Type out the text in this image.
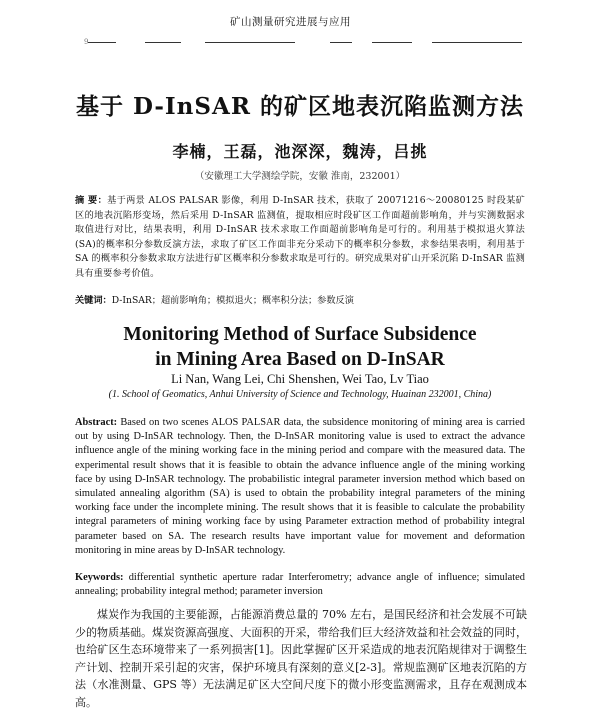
矿山测量研究进展与应用
9
基于 D-InSAR 的矿区地表沉陷监测方法
李楠，王磊，池深深，魏涛，吕挑
（安徽理工大学测绘学院，安徽 淮南，232001）
摘 要：基于两景 ALOS PALSAR 影像，利用 D-InSAR 技术，获取了 20071216～20080125 时段某矿区的地表沉陷形变场，然后采用 D-InSAR 监测值，提取相应时段矿区工作面超前影响角，并与实测数据求取值进行对比，结果表明，利用 D-InSAR 技术求取工作面超前影响角是可行的。利用基于模拟退火算法(SA)的概率积分参数反演方法，求取了矿区工作面非充分采动下的概率积分参数，求参结果表明，利用基于 SA 的概率积分参数求取方法进行矿区概率积分参数求取是可行的。研究成果对矿山开采沉陷 D-InSAR 监测具有重要参考价值。
关键词：D-InSAR；超前影响角；模拟退火；概率积分法；参数反演
Monitoring Method of Surface Subsidence
in Mining Area Based on D-InSAR
Li Nan, Wang Lei, Chi Shenshen, Wei Tao, Lv Tiao
(1. School of Geomatics, Anhui University of Science and Technology, Huainan 232001, China)
Abstract: Based on two scenes ALOS PALSAR data, the subsidence monitoring of mining area is carried out by using D-InSAR technology. Then, the D-InSAR monitoring value is used to extract the advance influence angle of the mining working face in the mining period and compare with the measured data. The experimental result shows that it is feasible to obtain the advance influence angle of the mining working face by using D-InSAR technology. The probabilistic integral parameter inversion method which based on simulated annealing algorithm (SA) is used to obtain the probability integral parameters of the mining working face under the incomplete mining. The result shows that it is feasible to calculate the probability integral parameters of mining working face by using Parameter extraction method of probability integral parameter based on SA. The research results have important value for movement and deformation monitoring in mine areas by D-InSAR technology.
Keywords: differential synthetic aperture radar Interferometry; advance angle of influence; simulated annealing; probability integral method; parameter inversion
煤炭作为我国的主要能源，占能源消费总量的 70% 左右，是国民经济和社会发展不可缺少的物质基础。煤炭资源高强度、大面积的开采，带给我们巨大经济效益和社会效益的同时，也给矿区生态环境带来了一系列损害[1]。因此掌握矿区开采造成的地表沉陷规律对于调整生产计划、控制开采引起的灾害，保护环境具有深刻的意义[2-3]。常规监测矿区地表沉陷的方法（水准测量、GPS 等）无法满足矿区大空间尺度下的微小形变监测需求，且存在观测成本高。
